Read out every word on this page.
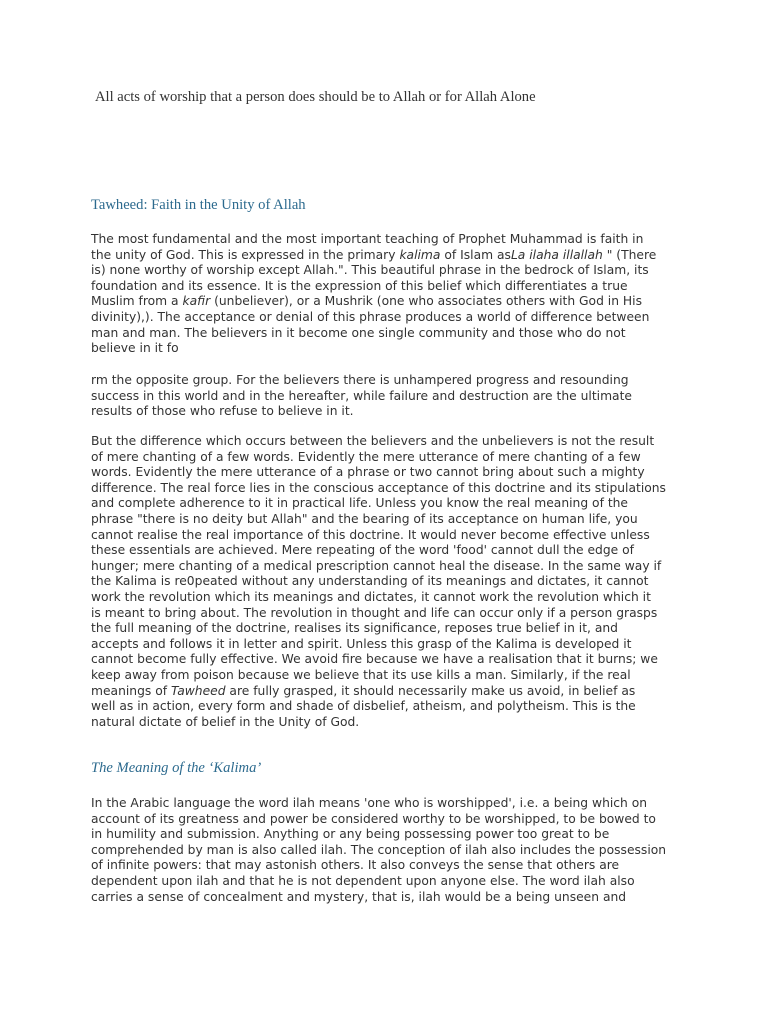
All acts of worship that a person does should be to Allah or for Allah Alone
Tawheed: Faith in the Unity of Allah
The most fundamental and the most important teaching of Prophet Muhammad is faith in
the unity of God. This is expressed in the primary kalima of Islam asLa ilaha illallah " (There
is) none worthy of worship except Allah.". This beautiful phrase in the bedrock of Islam, its
foundation and its essence. It is the expression of this belief which differentiates a true
Muslim from a kafir (unbeliever), or a Mushrik (one who associates others with God in His
divinity),). The acceptance or denial of this phrase produces a world of difference between
man and man. The believers in it become one single community and those who do not
believe in it fo
rm the opposite group. For the believers there is unhampered progress and resounding
success in this world and in the hereafter, while failure and destruction are the ultimate
results of those who refuse to believe in it.
But the difference which occurs between the believers and the unbelievers is not the result
of mere chanting of a few words. Evidently the mere utterance of mere chanting of a few
words. Evidently the mere utterance of a phrase or two cannot bring about such a mighty
difference. The real force lies in the conscious acceptance of this doctrine and its stipulations
and complete adherence to it in practical life. Unless you know the real meaning of the
phrase "there is no deity but Allah" and the bearing of its acceptance on human life, you
cannot realise the real importance of this doctrine. It would never become effective unless
these essentials are achieved. Mere repeating of the word 'food' cannot dull the edge of
hunger; mere chanting of a medical prescription cannot heal the disease. In the same way if
the Kalima is re0peated without any understanding of its meanings and dictates, it cannot
work the revolution which its meanings and dictates, it cannot work the revolution which it
is meant to bring about. The revolution in thought and life can occur only if a person grasps
the full meaning of the doctrine, realises its significance, reposes true belief in it, and
accepts and follows it in letter and spirit. Unless this grasp of the Kalima is developed it
cannot become fully effective. We avoid fire because we have a realisation that it burns; we
keep away from poison because we believe that its use kills a man. Similarly, if the real
meanings of Tawheed are fully grasped, it should necessarily make us avoid, in belief as
well as in action, every form and shade of disbelief, atheism, and polytheism. This is the
natural dictate of belief in the Unity of God.
The Meaning of the ‘Kalima’
In the Arabic language the word ilah means 'one who is worshipped', i.e. a being which on
account of its greatness and power be considered worthy to be worshipped, to be bowed to
in humility and submission. Anything or any being possessing power too great to be
comprehended by man is also called ilah. The conception of ilah also includes the possession
of infinite powers: that may astonish others. It also conveys the sense that others are
dependent upon ilah and that he is not dependent upon anyone else. The word ilah also
carries a sense of concealment and mystery, that is, ilah would be a being unseen and
